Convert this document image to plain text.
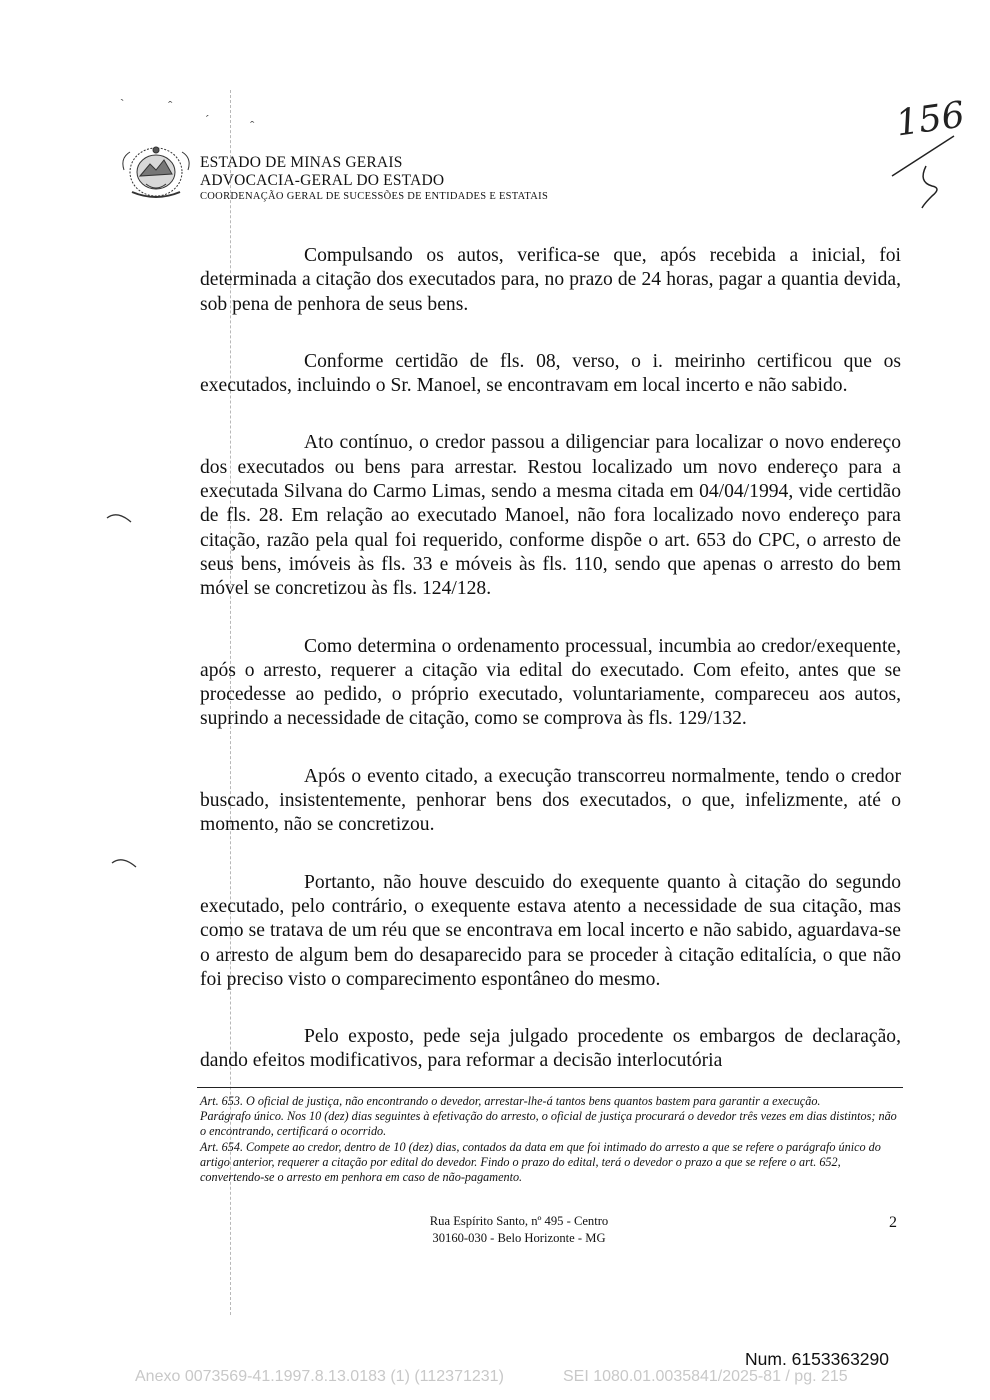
ˋ	ˆ
ˊ	ˆ
ESTADO DE MINAS GERAIS
ADVOCACIA-GERAL DO ESTADO
COORDENAÇÃO GERAL DE SUCESSÕES DE ENTIDADES E ESTATAIS
156

Compulsando os autos, verifica-se que, após recebida a inicial, foi determinada a citação dos executados para, no prazo de 24 horas, pagar a quantia devida, sob pena de penhora de seus bens.

Conforme certidão de fls. 08, verso, o i. meirinho certificou que os executados, incluindo o Sr. Manoel, se encontravam em local incerto e não sabido.

Ato contínuo, o credor passou a diligenciar para localizar o novo endereço dos executados ou bens para arrestar. Restou localizado um novo endereço para a executada Silvana do Carmo Limas, sendo a mesma citada em 04/04/1994, vide certidão de fls. 28. Em relação ao executado Manoel, não fora localizado novo endereço para citação, razão pela qual foi requerido, conforme dispõe o art. 653 do CPC, o arresto de seus bens, imóveis às fls. 33 e móveis às fls. 110, sendo que apenas o arresto do bem móvel se concretizou às fls. 124/128.

Como determina o ordenamento processual, incumbia ao credor/exequente, após o arresto, requerer a citação via edital do executado. Com efeito, antes que se procedesse ao pedido, o próprio executado, voluntariamente, compareceu aos autos, suprindo a necessidade de citação, como se comprova às fls. 129/132.

Após o evento citado, a execução transcorreu normalmente, tendo o credor buscado, insistentemente, penhorar bens dos executados, o que, infelizmente, até o momento, não se concretizou.

Portanto, não houve descuido do exequente quanto à citação do segundo executado, pelo contrário, o exequente estava atento a necessidade de sua citação, mas como se tratava de um réu que se encontrava em local incerto e não sabido, aguardava-se o arresto de algum bem do desaparecido para se proceder à citação editalícia, o que não foi preciso visto o comparecimento espontâneo do mesmo.

Pelo exposto, pede seja julgado procedente os embargos de declaração, dando efeitos modificativos, para reformar a decisão interlocutória

Art. 653. O oficial de justiça, não encontrando o devedor, arrestar-lhe-á tantos bens quantos bastem para garantir a execução.

Parágrafo único. Nos 10 (dez) dias seguintes à efetivação do arresto, o oficial de justiça procurará o devedor três vezes em dias distintos; não o encontrando, certificará o ocorrido.

Art. 654. Compete ao credor, dentro de 10 (dez) dias, contados da data em que foi intimado do arresto a que se refere o parágrafo único do artigo anterior, requerer a citação por edital do devedor. Findo o prazo do edital, terá o devedor o prazo a que se refere o art. 652, convertendo-se o arresto em penhora em caso de não-pagamento.

Rua Espírito Santo, nº 495 - Centro
30160-030 - Belo Horizonte - MG
2
Num. 6153363290
Anexo 0073569-41.1997.8.13.0183 (1) (112371231)	SEI 1080.01.0035841/2025-81 / pg. 215
